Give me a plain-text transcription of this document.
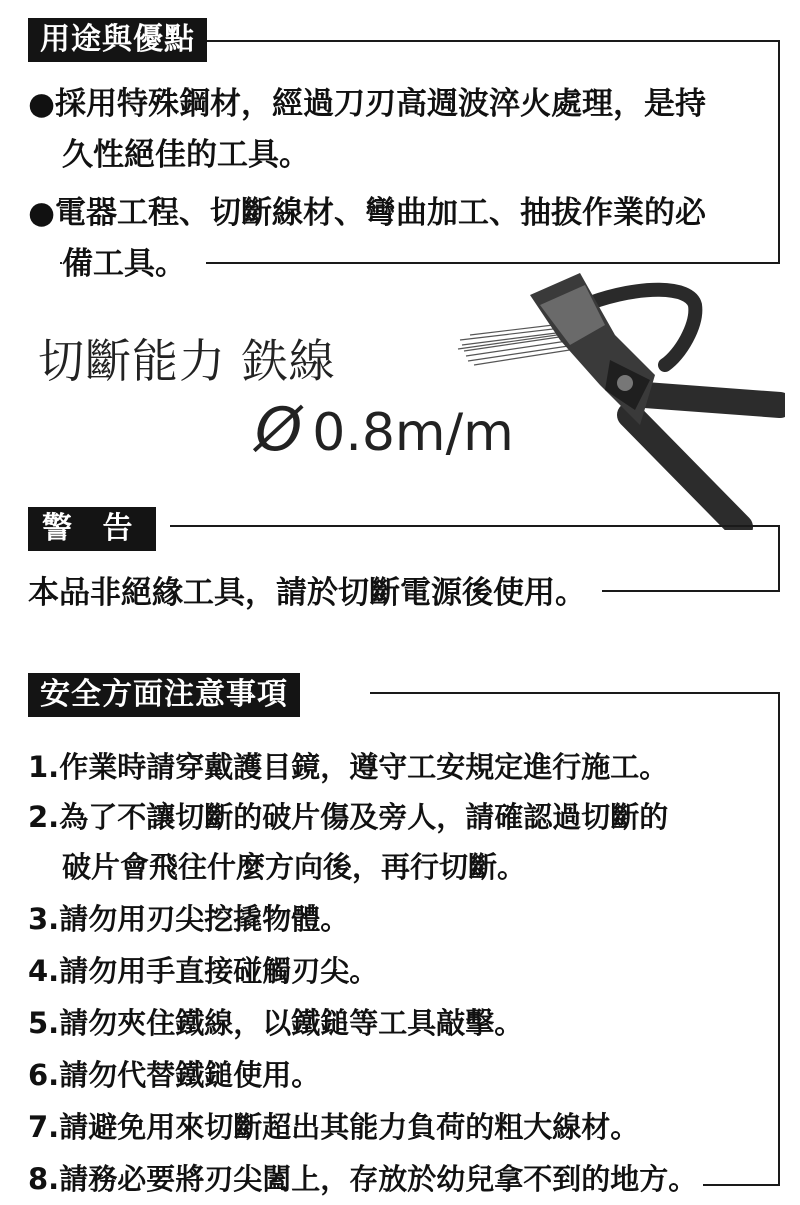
用途與優點
●採用特殊鋼材，經過刀刃高週波淬火處理，是持
久性絕佳的工具。
●電器工程、切斷線材、彎曲加工、抽拔作業的必
備工具。
切斷能力 鉄線
Ø 0.8m/m
警 告
本品非絕緣工具，請於切斷電源後使用。
安全方面注意事項
1.作業時請穿戴護目鏡，遵守工安規定進行施工。
2.為了不讓切斷的破片傷及旁人，請確認過切斷的
破片會飛往什麼方向後，再行切斷。
3.請勿用刃尖挖撬物體。
4.請勿用手直接碰觸刃尖。
5.請勿夾住鐵線，以鐵鎚等工具敲擊。
6.請勿代替鐵鎚使用。
7.請避免用來切斷超出其能力負荷的粗大線材。
8.請務必要將刃尖闔上，存放於幼兒拿不到的地方。
